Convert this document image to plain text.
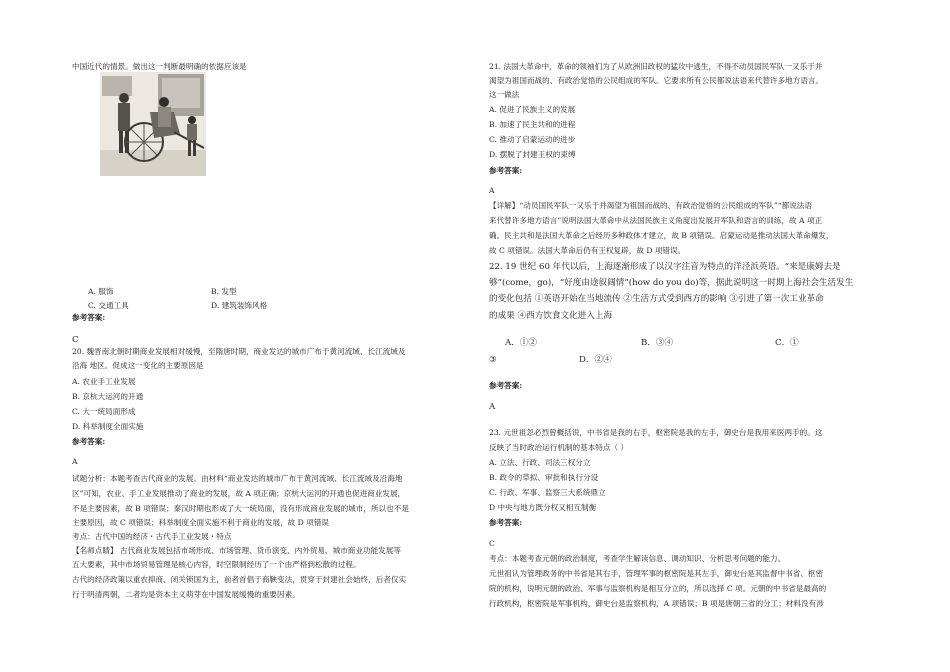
中国近代的情景。做出这一判断最明确的依据应该是
A. 服饰	B. 发型
C. 交通工具	D. 建筑装饰风格
参考答案:
C
20. 魏晋南北朝时期商业发展相对缓慢，至隋唐时期，商业发达的城市广布于黄河流域、长江流域及
沿海 地区。促成这一变化的主要原因是
A. 农业手工业发展
B. 京杭大运河的开通
C. 大一统局面形成
D. 科举制度全面实施
参考答案:
A
试题分析：本题考查古代商业的发展。由材料“商业发达的城市广布于黄河流域、长江流域及沿海地
区”可知，农业、手工业发展推动了商业的发展，故 A 项正确；京杭大运河的开通也促进商业发展，
不是主要因素，故 B 项错误；秦汉时期也形成了大一统局面，没有形成商业发展的城市，所以也不是
主要原因，故 C 项错误；科举制度全面实施不利于商业的发展，故 D 项错误
考点：古代中国的经济・古代手工业发展・特点
【名师点睛】 古代商业发展包括市场形成、市场管理、货币演变、内外贸易、城市商业功能发展等
五大要素，其中市场贸易管理是核心内容，时空限制经历了一个由严格到松散的过程。
古代的经济政策以重农抑商、闭关锁国为主，前者首倡于商鞅变法，贯穿于封建社会始终，后者仅实
行于明清两朝，二者均是资本主义萌芽在中国发展缓慢的重要因素。
21. 法国大革命中，革命的领袖们为了从欧洲旧政权的猛攻中逃生，不得不动员国民军队一又乐于并
渴望为祖国而战的、有政治觉悟的公民组成的军队。它要求所有公民都说法语来代替许多地方语言。
这一做法
A. 促进了民族主义的发展
B. 加速了民主共和的进程
C. 推动了启蒙运动的进步
D. 摆脱了封建王权的束缚
参考答案:
A
【详解】“动员国民军队一又乐于并渴望为祖国而战的、有政治觉悟的公民组成的军队”“都说法语
来代替许多地方语言”说明法国大革命中从法国民族主义角度出发展开军队和语言的训练，故 A 项正
确。民主共和是法国大革命之后经历多种政体才建立，故 B 项错误。启蒙运动是推动法国大革命爆发，
故 C 项错误。法国大革命后仍有王权复辟，故 D 项错误。
22. 19 世纪 60 年代以后，上海逐渐形成了以汉字注音为特点的洋泾浜英语。“来是康姆去是
够”(come，go)，“好度由途叙阔情”(how do you do)等，据此说明这一时期上海社会生活发生
的变化包括 ①英语开始在当地流传 ②生活方式受到西方的影响 ③引进了第一次工业革命
的成果 ④西方饮食文化进入上海
A．①②	B．③④	C．①
③	D．②④
参考答案:
A
23. 元世祖忽必烈曾概括说，中书省是我的右手，枢密院是我的左手，御史台是我用来医两手的。这
反映了当时政治运行机制的基本特点（ ）
A. 立法、行政、司法三权分立
B. 政令的草拟、审批和执行分设
C. 行政、军事、监察三大系统鼎立
D 中央与地方既分权又相互制衡
参考答案:
C
考点：本题考查元朝的政治制度，考查学生解读信息、调动知识、分析思考问题的能力。
元世祖认为管理政务的中书省是其右手，管理军事的枢密院是其左手，御史台是其监督中书省、枢密
院的机构，说明元朝的政治、军事与监察机构是相互分立的，所以选择 C 项。元朝的中书省是最高的
行政机构，枢密院是军事机构，御史台是监察机构，A 项错误；B 项是唐朝三省的分工；材料没有涉
